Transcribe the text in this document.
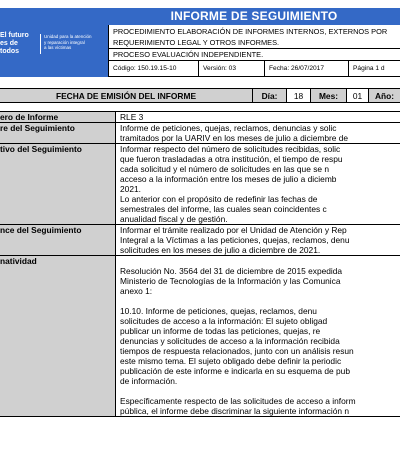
El futuro
es de todos
Unidad para la atención
y reparación integral
a las víctimas
INFORME DE SEGUIMIENTO
PROCEDIMIENTO ELABORACIÓN DE INFORMES INTERNOS, EXTERNOS POR
REQUERIMIENTO LEGAL Y OTROS INFORMES.
PROCESO EVALUACIÓN INDEPENDIENTE.
Código: 150.19.15-10	Versión: 03	Fecha: 26/07/2017	Página 1 d
FECHA DE EMISIÓN DEL INFORME	Día:	18	Mes:	01	Año:
ero de Informe	RLE 3

re del Seguimiento	Informe de peticiones, quejas, reclamos, denuncias y solic

tramitados por la UARIV en los meses de julio a diciembre de

tivo del Seguimiento	Informar respecto del número de solicitudes recibidas, solic

que fueron trasladadas a otra institución, el tiempo de respu

cada solicitud y el número de solicitudes en las que se n

acceso a la información entre los meses de julio a diciemb

2021.

Lo anterior con el propósito de redefinir las fechas de

semestrales del informe, las cuales sean coincidentes c

anualidad fiscal y de gestión.

nce del Seguimiento	Informar el trámite realizado por el Unidad de Atención y Rep

Integral a la Víctimas a las peticiones, quejas, reclamos, denu

solicitudes en los meses de julio a diciembre de 2021.

natividad

Resolución No. 3564 del 31 de diciembre de 2015 expedida

Ministerio de Tecnologías de la Información y las Comunica

anexo 1:

10.10. Informe de peticiones, quejas, reclamos, denu

solicitudes de acceso a la información: El sujeto obligad

publicar un informe de todas las peticiones, quejas, re

denuncias y solicitudes de acceso a la información recibida

tiempos de respuesta relacionados, junto con un análisis resun

este mismo tema. El sujeto obligado debe definir la periodic

publicación de este informe e indicarla en su esquema de pub

de información.

Específicamente respecto de las solicitudes de acceso a inform

pública, el informe debe discriminar la siguiente información n
